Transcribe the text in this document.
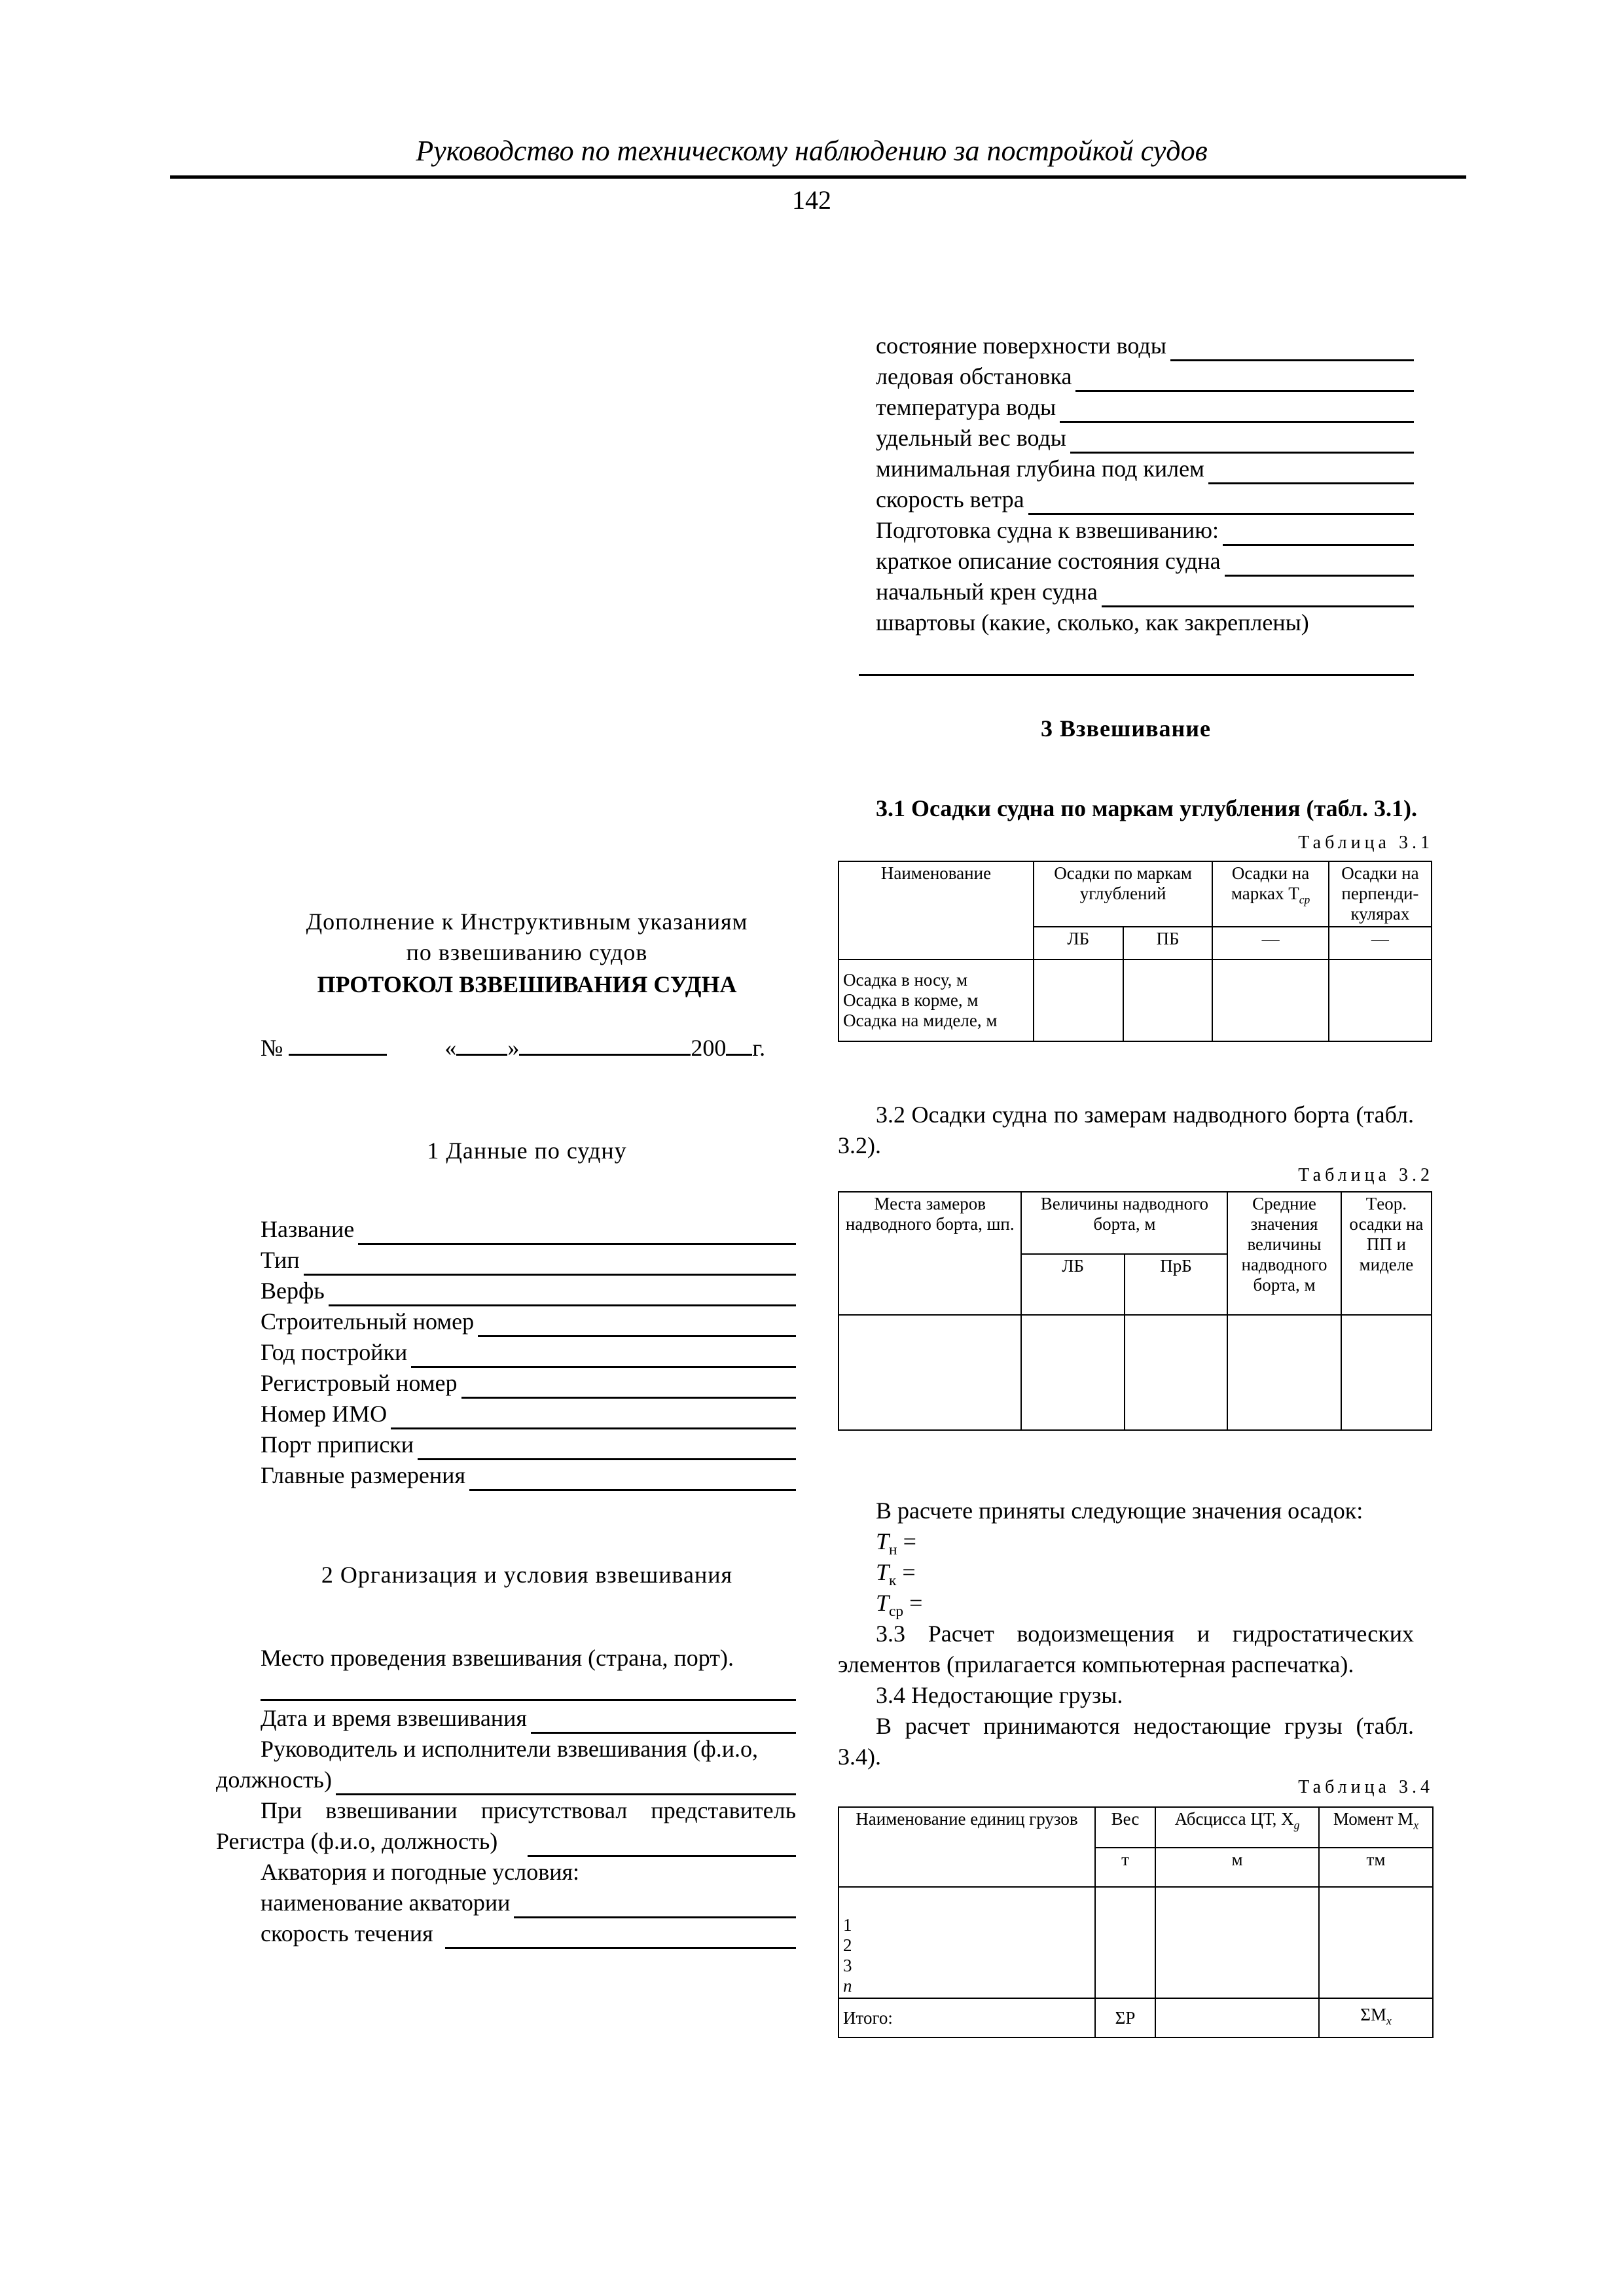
Руководство по техническому наблюдению за постройкой судов
142
состояние поверхности воды
ледовая обстановка
температура воды
удельный вес воды
минимальная глубина под килем
скорость ветра
Подготовка судна к взвешиванию:
краткое описание состояния судна
начальный крен судна
швартовы (какие, сколько, как закреплены)
3 Взвешивание
3.1 Осадки судна по маркам углубления (табл. 3.1).
Таблица 3.1
Наименование	Осадки по маркам углублений		Осадки на марках $T_{ср}$	Осадки на перпенди-кулярах
	ЛБ	ПБ	—	—

Осадка в носу, м
Осадка в корме, м
Осадка на миделе, м				

3.2 Осадки судна по замерам надводного борта (табл. 3.2).
Таблица 3.2
Места замеров надводного борта, шп.	Величины надводного борта, м		Средние значения величины надводного борта, м	Tеор. осадки на ПП и миделе
	ЛБ	ПрБ		

В расчете приняты следующие значения осадок:
$T_н$ =
$T_к$ =
$T_{ср}$ =
3.3 Расчет водоизмещения и гидростатических элементов (прилагается компьютерная распечатка).
3.4 Недостающие грузы.
В расчет принимаются недостающие грузы (табл. 3.4).
Таблица 3.4
Наименование единиц грузов	Вес	Абсцисса ЦТ, $X_g$	Момент $M_x$
	т	м	тм

1
2
3
n			

Итого:	ΣP		$\Sigma M_x$
Дополнение к Инструктивным указаниям
по взвешиванию судов
ПРОТОКОЛ ВЗВЕШИВАНИЯ СУДНА
№	« »	200 г.
1 Данные по судну
Название
Тип
Верфь
Строительный номер
Год постройки
Регистровый номер
Номер ИМО
Порт приписки
Главные размерения
2 Организация и условия взвешивания
Место проведения взвешивания (страна, порт).
Дата и время взвешивания
Руководитель и исполнители взвешивания (ф.и.о,
должность)
При взвешивании присутствовал представитель
Регистра (ф.и.о, должность)
Акватория и погодные условия:
наименование акватории
скорость течения
